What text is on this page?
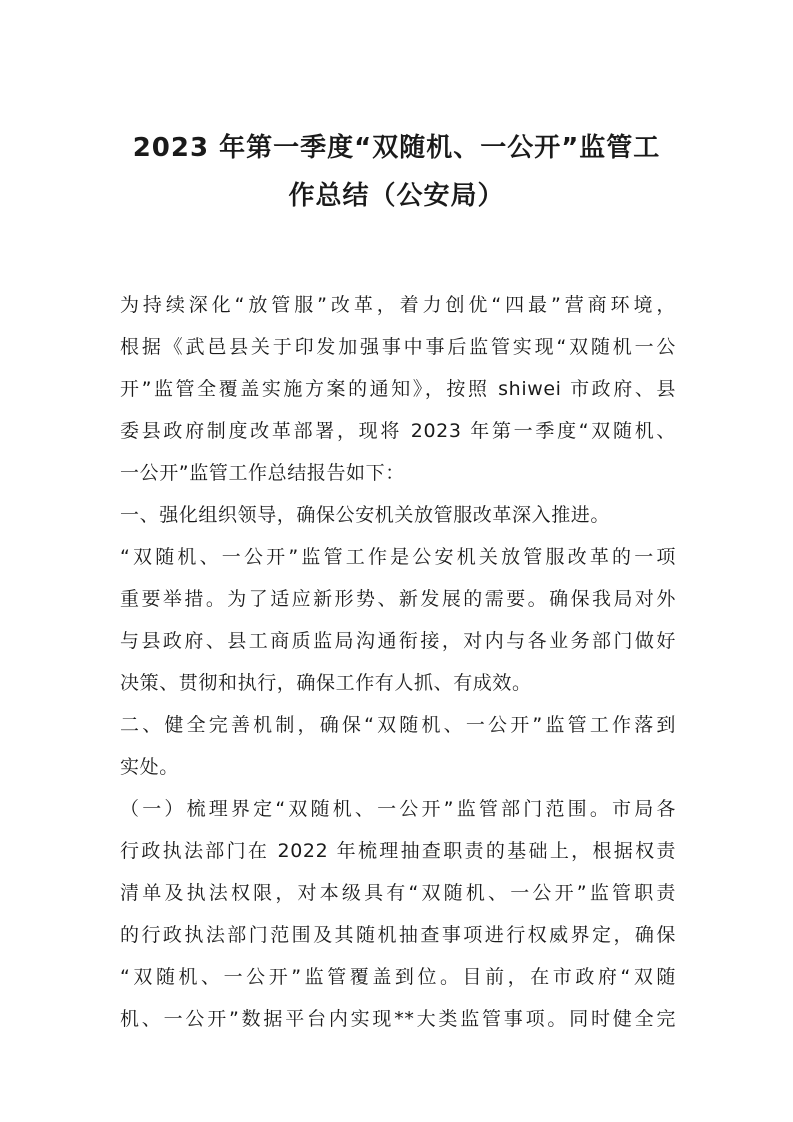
2023 年第一季度“双随机、一公开”监管工
作总结（公安局）

为持续深化“放管服”改革，着力创优“四最”营商环境，
根据《武邑县关于印发加强事中事后监管实现“双随机一公
开”监管全覆盖实施方案的通知》，按照 shiwei 市政府、县
委县政府制度改革部署，现将 2023 年第一季度“双随机、
一公开”监管工作总结报告如下：

一、强化组织领导，确保公安机关放管服改革深入推进。

“双随机、一公开”监管工作是公安机关放管服改革的一项
重要举措。为了适应新形势、新发展的需要。确保我局对外
与县政府、县工商质监局沟通衔接，对内与各业务部门做好
决策、贯彻和执行，确保工作有人抓、有成效。

二、健全完善机制，确保“双随机、一公开”监管工作落到
实处。

（一）梳理界定“双随机、一公开”监管部门范围。市局各
行政执法部门在 2022 年梳理抽查职责的基础上，根据权责
清单及执法权限，对本级具有“双随机、一公开”监管职责
的行政执法部门范围及其随机抽查事项进行权威界定，确保
“双随机、一公开”监管覆盖到位。目前，在市政府“双随
机、一公开”数据平台内实现**大类监管事项。同时健全完
